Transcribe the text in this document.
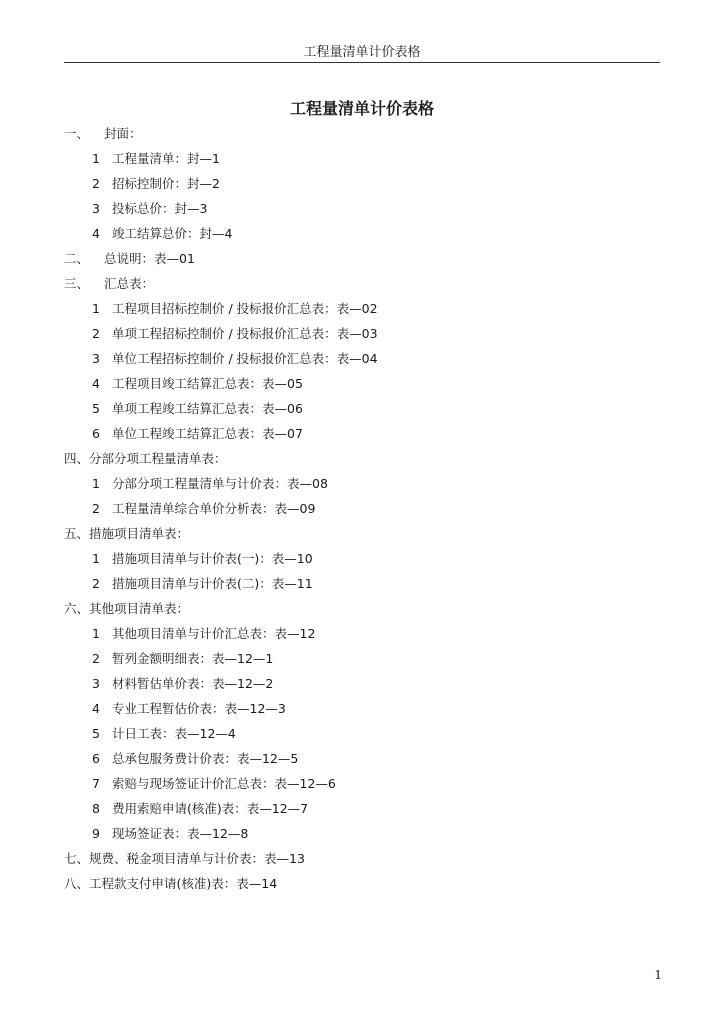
工程量清单计价表格
工程量清单计价表格
一、	封面：
1 工程量清单：封—1
2 招标控制价：封—2
3 投标总价：封—3
4 竣工结算总价：封—4
二、	总说明：表—01
三、	汇总表：
1 工程项目招标控制价 / 投标报价汇总表：表—02
2 单项工程招标控制价 / 投标报价汇总表：表—03
3 单位工程招标控制价 / 投标报价汇总表：表—04
4 工程项目竣工结算汇总表：表—05
5 单项工程竣工结算汇总表：表—06
6 单位工程竣工结算汇总表：表—07
四、 分部分项工程量清单表：
1 分部分项工程量清单与计价表：表—08
2 工程量清单综合单价分析表：表—09
五、 措施项目清单表：
1 措施项目清单与计价表(一)：表—10
2 措施项目清单与计价表(二)：表—11
六、 其他项目清单表：
1 其他项目清单与计价汇总表：表—12
2 暂列金额明细表：表—12—1
3 材料暂估单价表：表—12—2
4 专业工程暂估价表：表—12—3
5 计日工表：表—12—4
6 总承包服务费计价表：表—12—5
7 索赔与现场签证计价汇总表：表—12—6
8 费用索赔申请(核准)表：表—12—7
9 现场签证表：表—12—8
七、 规费、税金项目清单与计价表：表—13
八、 工程款支付申请(核准)表：表—14
1
